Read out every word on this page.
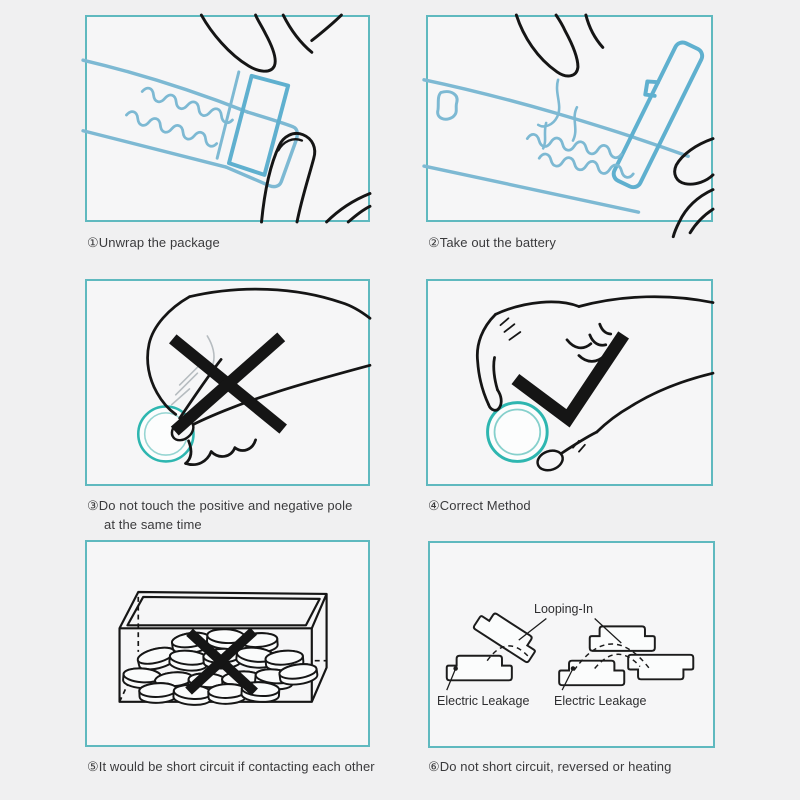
Looping-In
Electric Leakage Electric Leakage
①Unwrap the package	②Take out the battery
③Do not touch the positive and negative pole
at the same time
④Correct Method
⑤It would be short circuit if contacting each other	⑥Do not short circuit, reversed or heating
